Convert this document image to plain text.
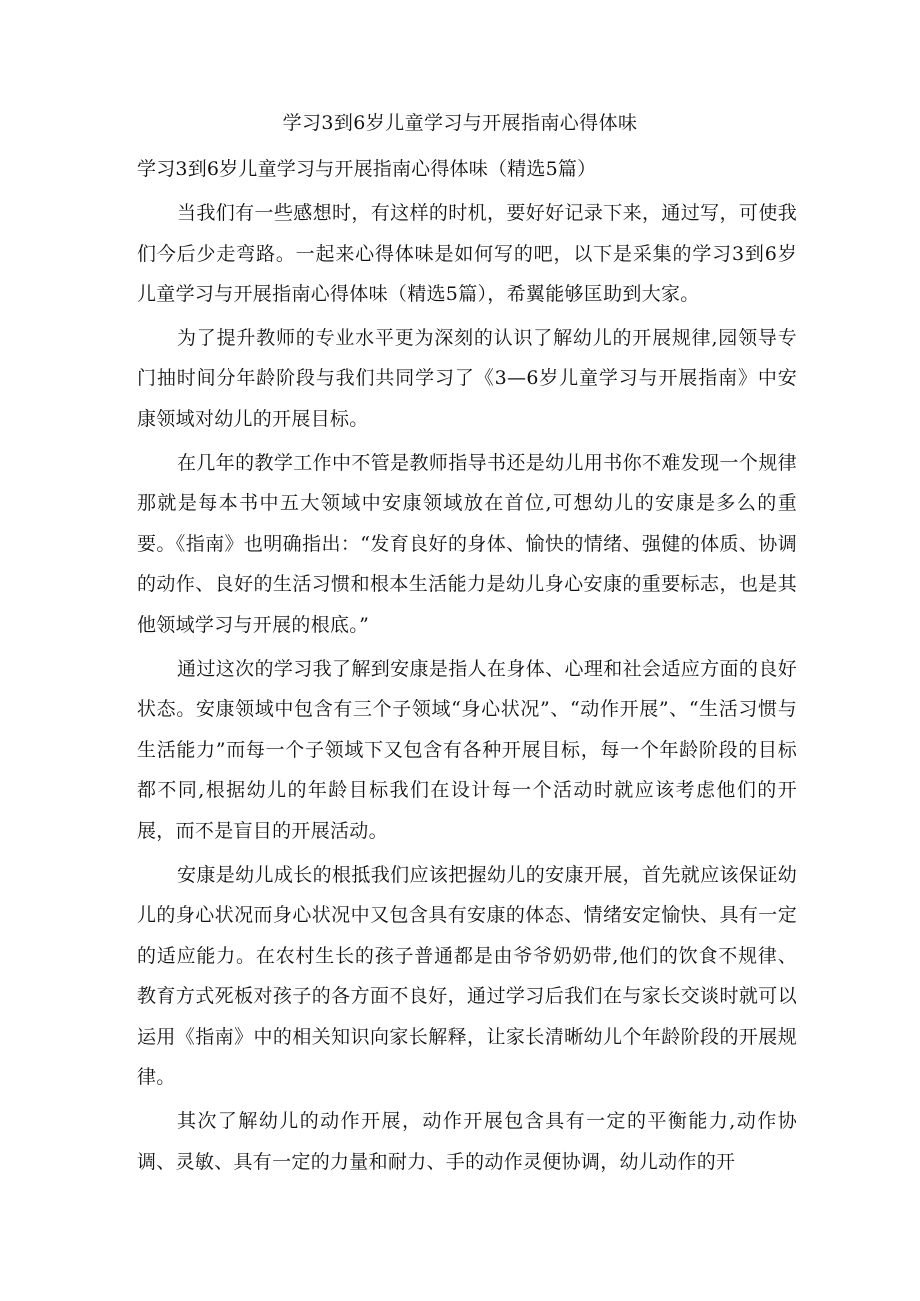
学习3到6岁儿童学习与开展指南心得体味
学习3到6岁儿童学习与开展指南心得体味（精选5篇）

当我们有一些感想时，有这样的时机，要好好记录下来，通过写，可使我们今后少走弯路。一起来心得体味是如何写的吧，以下是采集的学习3到6岁儿童学习与开展指南心得体味（精选5篇），希翼能够匡助到大家。

为了提升教师的专业水平更为深刻的认识了解幼儿的开展规律,园领导专门抽时间分年龄阶段与我们共同学习了《3—6岁儿童学习与开展指南》中安康领域对幼儿的开展目标。

在几年的教学工作中不管是教师指导书还是幼儿用书你不难发现一个规律那就是每本书中五大领域中安康领域放在首位,可想幼儿的安康是多么的重要。《指南》也明确指出：“发育良好的身体、愉快的情绪、强健的体质、协调的动作、良好的生活习惯和根本生活能力是幼儿身心安康的重要标志，也是其他领域学习与开展的根底。”

通过这次的学习我了解到安康是指人在身体、心理和社会适应方面的良好状态。安康领域中包含有三个子领域“身心状况”、“动作开展”、“生活习惯与生活能力”而每一个子领域下又包含有各种开展目标，每一个年龄阶段的目标都不同,根据幼儿的年龄目标我们在设计每一个活动时就应该考虑他们的开展，而不是盲目的开展活动。

安康是幼儿成长的根抵我们应该把握幼儿的安康开展，首先就应该保证幼儿的身心状况而身心状况中又包含具有安康的体态、情绪安定愉快、具有一定的适应能力。在农村生长的孩子普通都是由爷爷奶奶带,他们的饮食不规律、教育方式死板对孩子的各方面不良好，通过学习后我们在与家长交谈时就可以运用《指南》中的相关知识向家长解释，让家长清晰幼儿个年龄阶段的开展规律。

其次了解幼儿的动作开展，动作开展包含具有一定的平衡能力,动作协调、灵敏、具有一定的力量和耐力、手的动作灵便协调，幼儿动作的开
